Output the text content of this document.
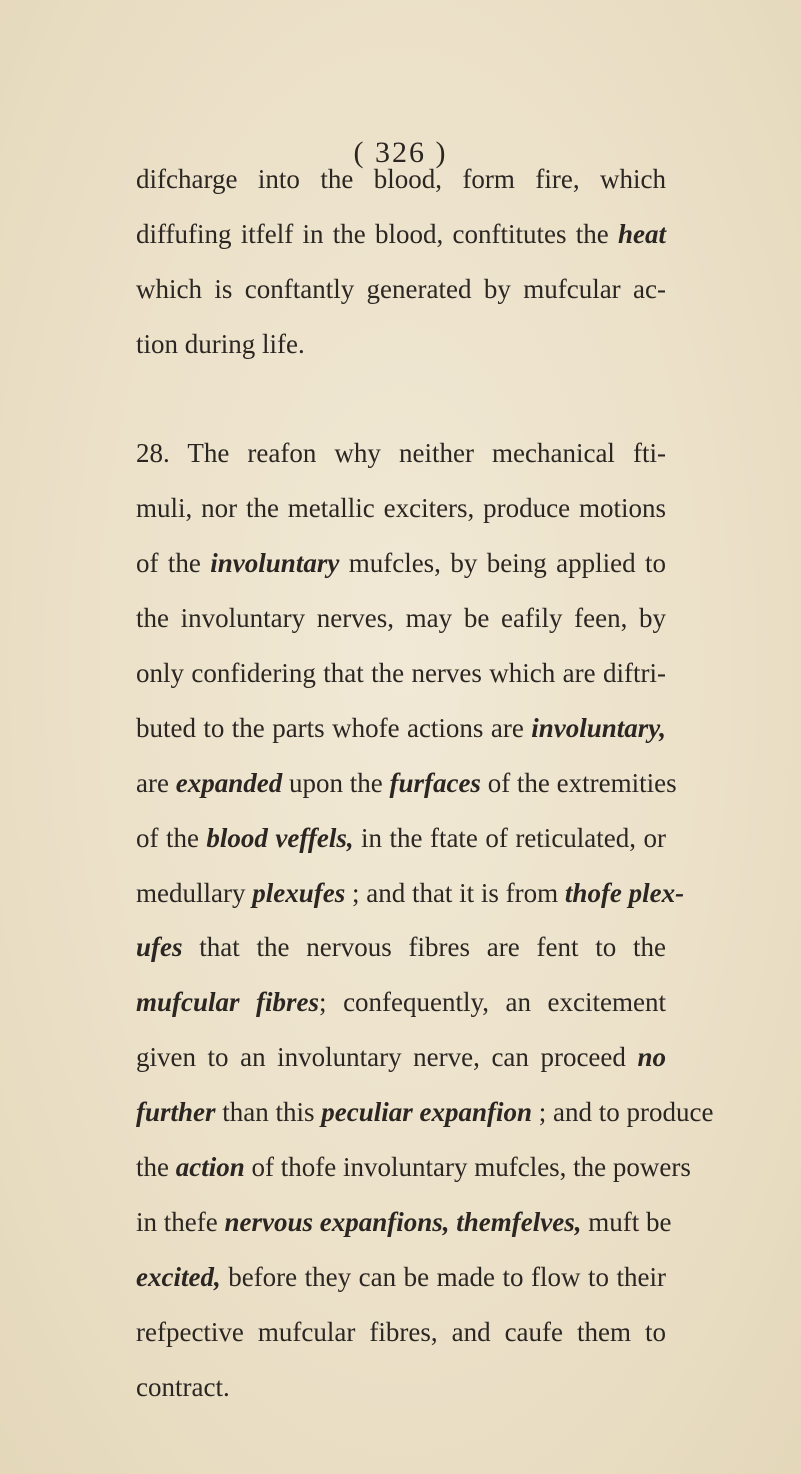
( 326 )
difcharge into the blood, form fire, which
diffufing itfelf in the blood, conftitutes the heat
which is conftantly generated by mufcular ac-
tion during life.
28. The reafon why neither mechanical fti-
muli, nor the metallic exciters, produce motions
of the involuntary mufcles, by being applied to
the involuntary nerves, may be eafily feen, by
only confidering that the nerves which are diftri-
buted to the parts whofe actions are involuntary,
are expanded upon the furfaces of the extremities
of the blood veffels, in the ftate of reticulated, or
medullary plexufes ; and that it is from thofe plex-
ufes that the nervous fibres are fent to the
mufcular fibres; confequently, an excitement
given to an involuntary nerve, can proceed no
further than this peculiar expanfion ; and to produce
the action of thofe involuntary mufcles, the powers
in thefe nervous expanfions, themfelves, muft be
excited, before they can be made to flow to their
refpective mufcular fibres, and caufe them to
contract.
